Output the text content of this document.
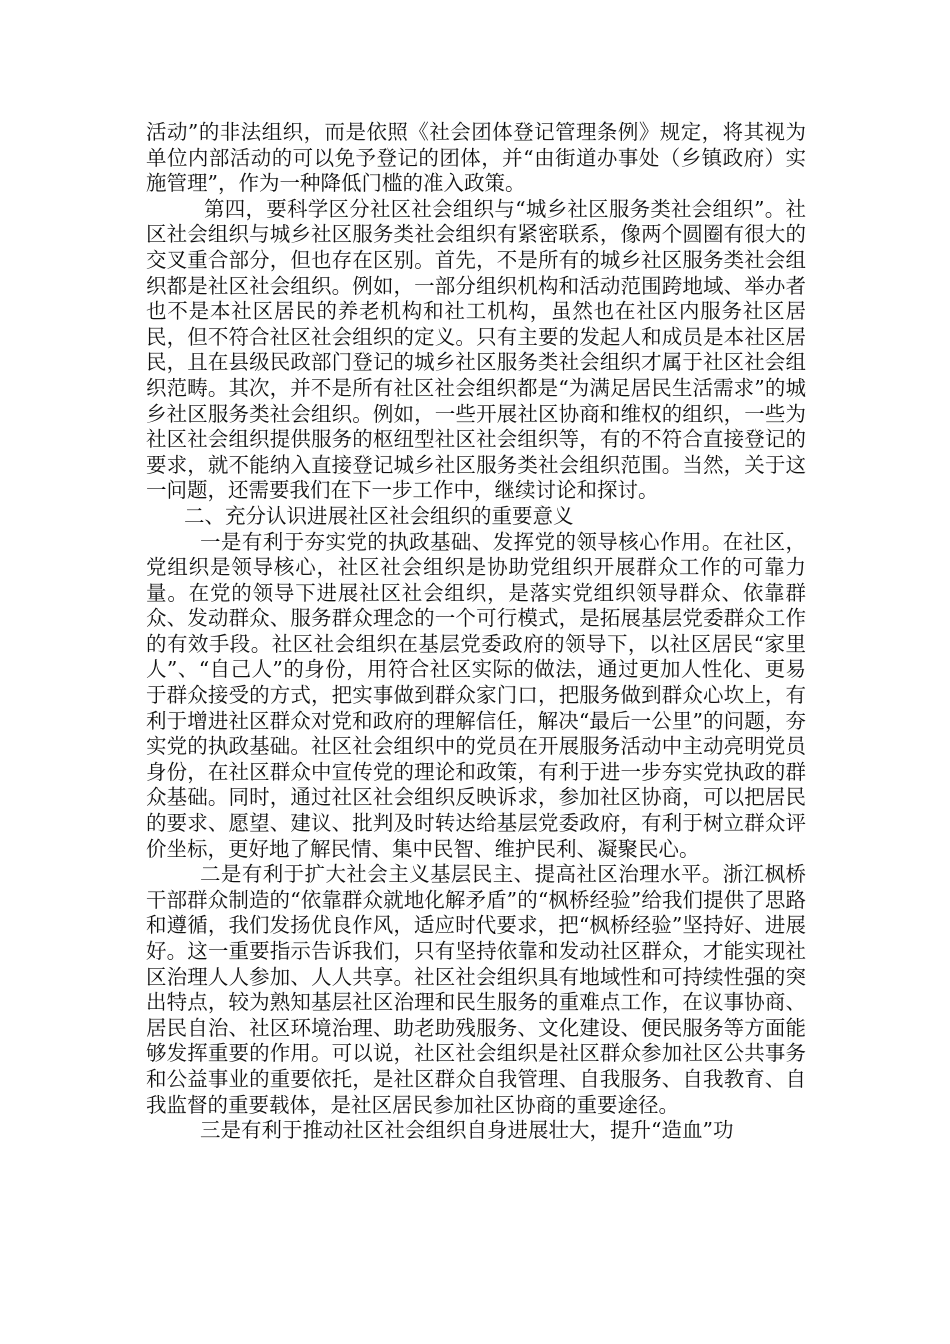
活动”的非法组织，而是依照《社会团体登记管理条例》规定，将其视为单位内部活动的可以免予登记的团体，并“由街道办事处（乡镇政府）实施管理”，作为一种降低门槛的准入政策。

第四，要科学区分社区社会组织与“城乡社区服务类社会组织”。社区社会组织与城乡社区服务类社会组织有紧密联系，像两个圆圈有很大的交叉重合部分，但也存在区别。首先，不是所有的城乡社区服务类社会组织都是社区社会组织。例如，一部分组织机构和活动范围跨地域、举办者也不是本社区居民的养老机构和社工机构，虽然也在社区内服务社区居民，但不符合社区社会组织的定义。只有主要的发起人和成员是本社区居民，且在县级民政部门登记的城乡社区服务类社会组织才属于社区社会组织范畴。其次，并不是所有社区社会组织都是“为满足居民生活需求”的城乡社区服务类社会组织。例如，一些开展社区协商和维权的组织，一些为社区社会组织提供服务的枢纽型社区社会组织等，有的不符合直接登记的要求，就不能纳入直接登记城乡社区服务类社会组织范围。当然，关于这一问题，还需要我们在下一步工作中，继续讨论和探讨。

二、充分认识进展社区社会组织的重要意义

一是有利于夯实党的执政基础、发挥党的领导核心作用。在社区，党组织是领导核心，社区社会组织是协助党组织开展群众工作的可靠力量。在党的领导下进展社区社会组织，是落实党组织领导群众、依靠群众、发动群众、服务群众理念的一个可行模式，是拓展基层党委群众工作的有效手段。社区社会组织在基层党委政府的领导下，以社区居民“家里人”、“自己人”的身份，用符合社区实际的做法，通过更加人性化、更易于群众接受的方式，把实事做到群众家门口，把服务做到群众心坎上，有利于增进社区群众对党和政府的理解信任，解决“最后一公里”的问题，夯实党的执政基础。社区社会组织中的党员在开展服务活动中主动亮明党员身份，在社区群众中宣传党的理论和政策，有利于进一步夯实党执政的群众基础。同时，通过社区社会组织反映诉求，参加社区协商，可以把居民的要求、愿望、建议、批判及时转达给基层党委政府，有利于树立群众评价坐标，更好地了解民情、集中民智、维护民利、凝聚民心。

二是有利于扩大社会主义基层民主、提高社区治理水平。浙江枫桥干部群众制造的“依靠群众就地化解矛盾”的“枫桥经验”给我们提供了思路和遵循，我们发扬优良作风，适应时代要求，把“枫桥经验”坚持好、进展好。这一重要指示告诉我们，只有坚持依靠和发动社区群众，才能实现社区治理人人参加、人人共享。社区社会组织具有地域性和可持续性强的突出特点，较为熟知基层社区治理和民生服务的重难点工作，在议事协商、居民自治、社区环境治理、助老助残服务、文化建设、便民服务等方面能够发挥重要的作用。可以说，社区社会组织是社区群众参加社区公共事务和公益事业的重要依托，是社区群众自我管理、自我服务、自我教育、自我监督的重要载体，是社区居民参加社区协商的重要途径。

三是有利于推动社区社会组织自身进展壮大，提升“造血”功
